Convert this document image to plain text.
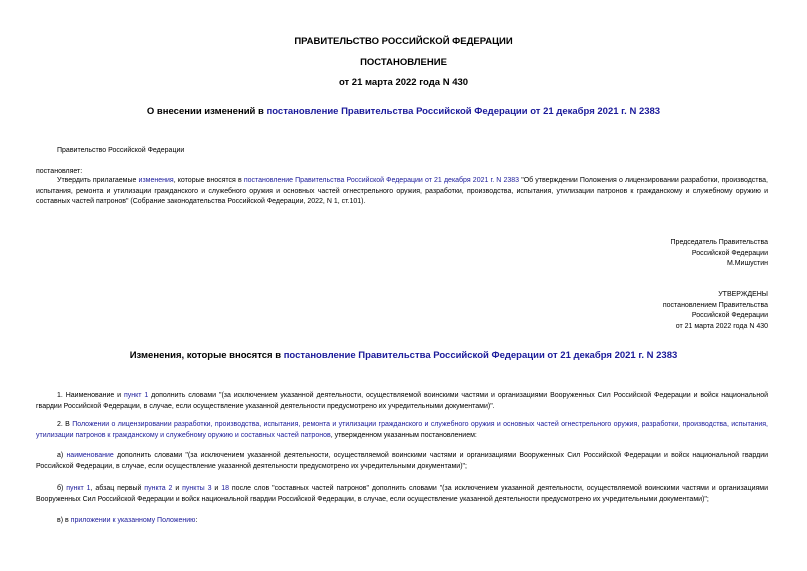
ПРАВИТЕЛЬСТВО РОССИЙСКОЙ ФЕДЕРАЦИИ

ПОСТАНОВЛЕНИЕ

от 21 марта 2022 года N 430

О внесении изменений в постановление Правительства Российской Федерации от 21 декабря 2021 г. N 2383

Правительство Российской Федерации

постановляет:

Утвердить прилагаемые изменения, которые вносятся в постановление Правительства Российской Федерации от 21 декабря 2021 г. N 2383 "Об утверждении Положения о лицензировании разработки, производства, испытания, ремонта и утилизации гражданского и служебного оружия и основных частей огнестрельного оружия, разработки, производства, испытания, утилизации патронов к гражданскому и служебному оружию и составных частей патронов" (Собрание законодательства Российской Федерации, 2022, N 1, ст.101).

Председатель Правительства
Российской Федерации
М.Мишустин
УТВЕРЖДЕНЫ
постановлением Правительства
Российской Федерации
от 21 марта 2022 года N 430

Изменения, которые вносятся в постановление Правительства Российской Федерации от 21 декабря 2021 г. N 2383

1. Наименование и пункт 1 дополнить словами "(за исключением указанной деятельности, осуществляемой воинскими частями и организациями Вооруженных Сил Российской Федерации и войск национальной гвардии Российской Федерации, в случае, если осуществление указанной деятельности предусмотрено их учредительными документами)".

2. В Положении о лицензировании разработки, производства, испытания, ремонта и утилизации гражданского и служебного оружия и основных частей огнестрельного оружия, разработки, производства, испытания, утилизации патронов к гражданскому и служебному оружию и составных частей патронов, утвержденном указанным постановлением:

а) наименование дополнить словами "(за исключением указанной деятельности, осуществляемой воинскими частями и организациями Вооруженных Сил Российской Федерации и войск национальной гвардии Российской Федерации, в случае, если осуществление указанной деятельности предусмотрено их учредительными документами)";

б) пункт 1, абзац первый пункта 2 и пункты 3 и 18 после слов "составных частей патронов" дополнить словами "(за исключением указанной деятельности, осуществляемой воинскими частями и организациями Вооруженных Сил Российской Федерации и войск национальной гвардии Российской Федерации, в случае, если осуществление указанной деятельности предусмотрено их учредительными документами)";

в) в приложении к указанному Положению:
